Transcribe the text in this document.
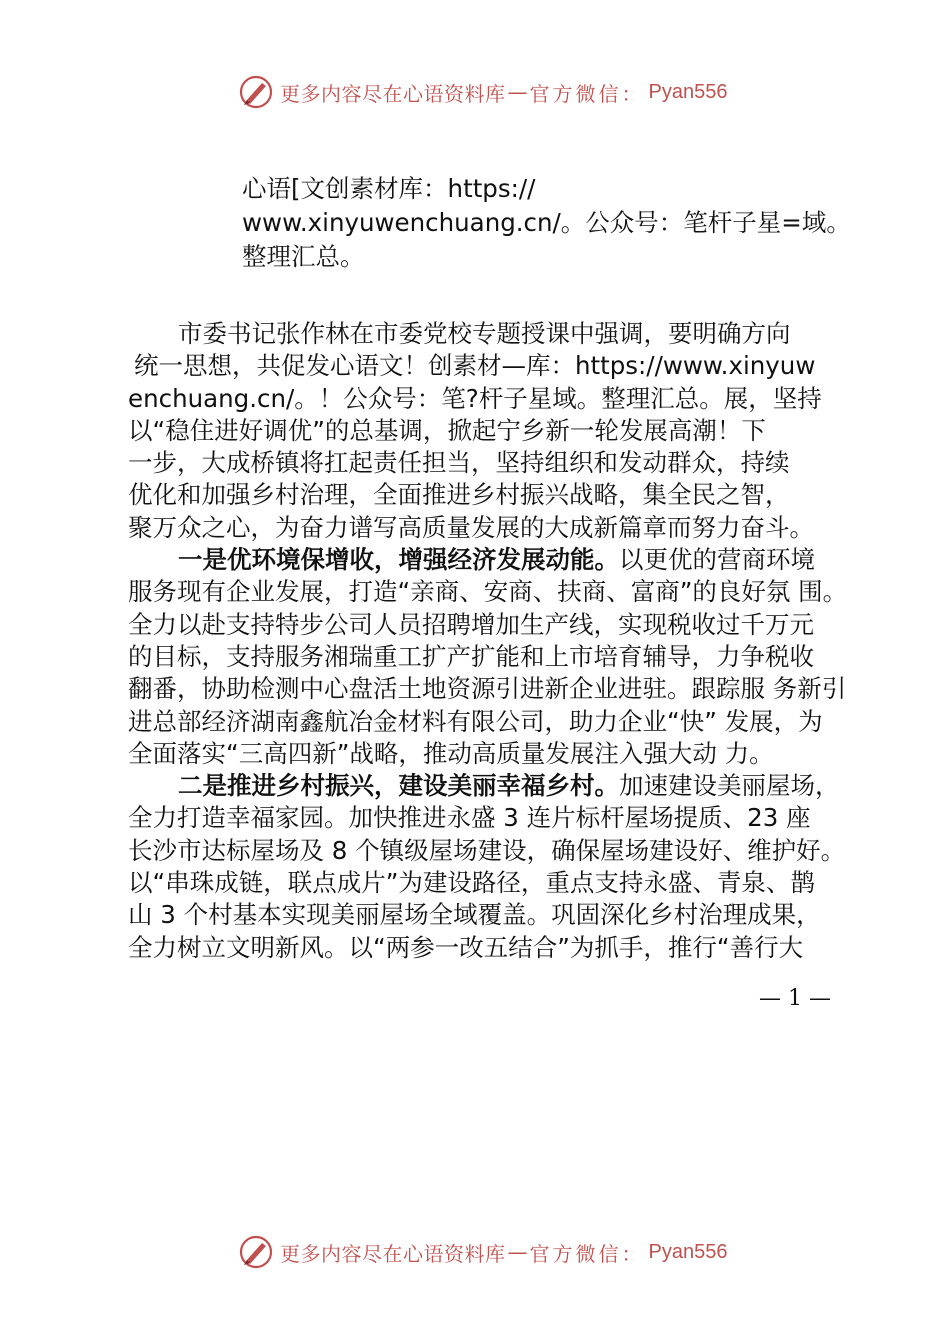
更多内容尽在心语资料库 — 官方微信： Pyan556
心语[文创素材库：https://
www.xinyuwenchuang.cn/。公众号：笔杆子星=域。
整理汇总。
市委书记张作林在市委党校专题授课中强调，要明确方向
统一思想，共促发心语文！创素材—库：https://www.xinyuw
enchuang.cn/。！公众号：笔?杆子星域。整理汇总。展，坚持
以“稳住进好调优”的总基调，掀起宁乡新一轮发展高潮！下
一步，大成桥镇将扛起责任担当，坚持组织和发动群众，持续
优化和加强乡村治理，全面推进乡村振兴战略，集全民之智，
聚万众之心，为奋力谱写高质量发展的大成新篇章而努力奋斗。
一是优环境保增收，增强经济发展动能。以更优的营商环境
服务现有企业发展，打造“亲商、安商、扶商、富商”的良好氛 围。
全力以赴支持特步公司人员招聘增加生产线，实现税收过千万元
的目标，支持服务湘瑞重工扩产扩能和上市培育辅导，力争税收
翻番，协助检测中心盘活土地资源引进新企业进驻。跟踪服 务新引
进总部经济湖南鑫航冶金材料有限公司，助力企业“快” 发展，为
全面落实“三高四新”战略，推动高质量发展注入强大动 力。
二是推进乡村振兴，建设美丽幸福乡村。加速建设美丽屋场，
全力打造幸福家园。加快推进永盛 3 连片标杆屋场提质、23 座
长沙市达标屋场及 8 个镇级屋场建设，确保屋场建设好、维护好。
以“串珠成链，联点成片”为建设路径，重点支持永盛、青泉、鹊
山 3 个村基本实现美丽屋场全域覆盖。巩固深化乡村治理成果，
全力树立文明新风。以“两参一改五结合”为抓手，推行“善行大
— 1 —
更多内容尽在心语资料库 — 官方微信： Pyan556
